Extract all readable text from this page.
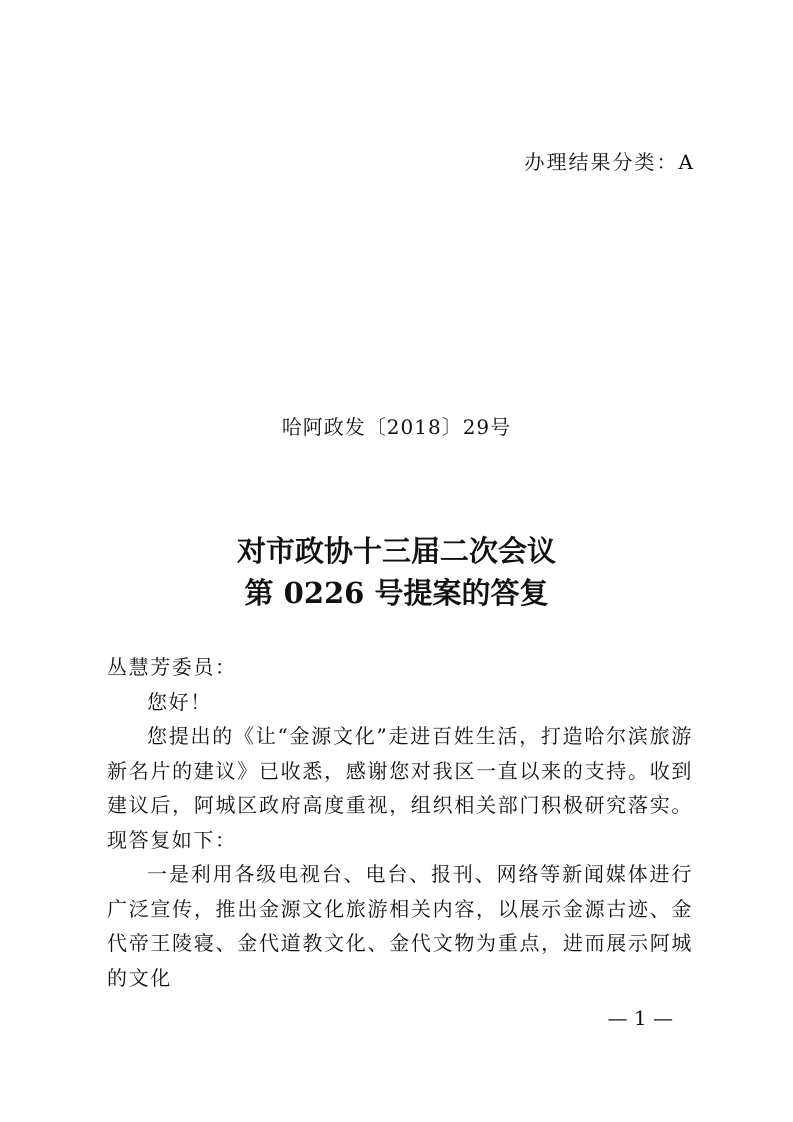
办理结果分类：A
哈阿政发〔2018〕29号
对市政协十三届二次会议
第 0226 号提案的答复

丛慧芳委员：

您好！

您提出的《让“金源文化”走进百姓生活，打造哈尔滨旅游新名片的建议》已收悉，感谢您对我区一直以来的支持。收到建议后，阿城区政府高度重视，组织相关部门积极研究落实。现答复如下：

一是利用各级电视台、电台、报刊、网络等新闻媒体进行广泛宣传，推出金源文化旅游相关内容，以展示金源古迹、金代帝王陵寝、金代道教文化、金代文物为重点，进而展示阿城的文化

— 1 —
